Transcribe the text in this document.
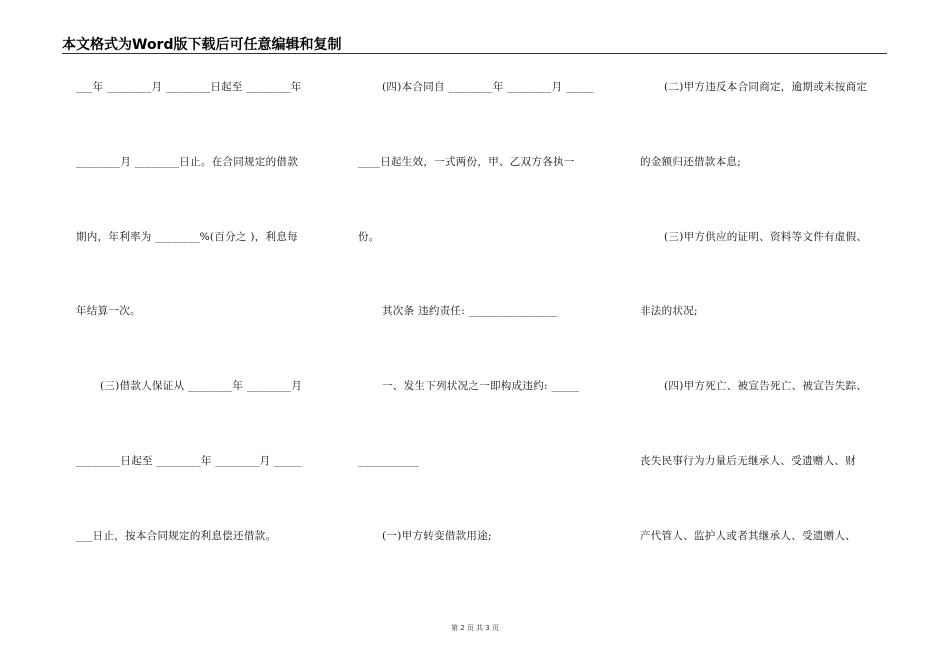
本文格式为Word版下载后可任意编辑和复制
___年 ________月 ________日起至 ________年
________月 ________日止。在合同规定的借款
期内，年利率为 ________%(百分之 )，利息每
年结算一次。
(三)借款人保证从 ________年 ________月
________日起至 ________年 ________月 _____
___日止，按本合同规定的利息偿还借款。
(四)本合同自 ________年 ________月 _____
____日起生效，一式两份，甲、乙双方各执一
份。
其次条 违约责任: ________________
一、发生下列状况之一即构成违约: _____
___________
(一)甲方转变借款用途;
(二)甲方违反本合同商定，逾期或未按商定
的金额归还借款本息;
(三)甲方供应的证明、资料等文件有虚假、
非法的状况;
(四)甲方死亡、被宣告死亡、被宣告失踪、
丧失民事行为力量后无继承人、受遗赠人、财
产代管人、监护人或者其继承人、受遗赠人、
第 2 页 共 3 页
